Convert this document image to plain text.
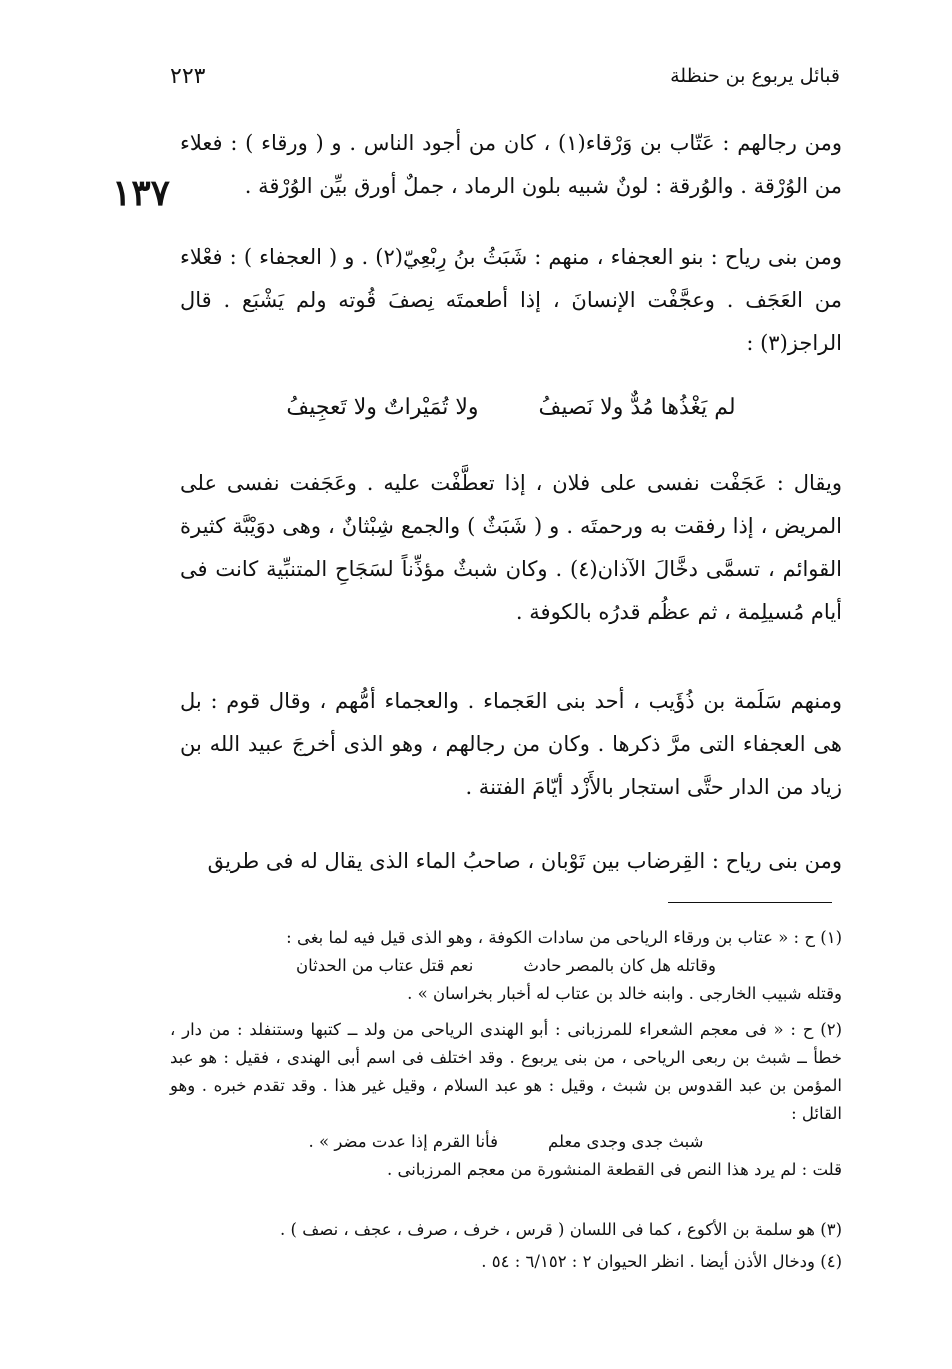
قبائل يربوع بن حنظلة
٢٢٣
١٣٧

ومن رجالهم : عَتّاب بن وَرْقاء(١) ، كان من أجود الناس . و ( ورقاء ) : فعلاء من الوُرْقة . والوُرقة : لونٌ شبيه بلون الرماد ، جملٌ أورق بيِّن الوُرْقة .

ومن بنى رياح : بنو العجفاء ، منهم : شَبَثُ بنُ رِبْعِيّ(٢) . و ( العجفاء ) : فعْلاء من العَجَف . وعجَّفْت الإنسانَ ، إذا أطعمتَه نِصفَ قُوته ولم يَشْبَع . قال الراجز(٣) :

لم يَغْذُها مُدٌّ ولا نَصيفُ
ولا تُمَيْراتٌ ولا تَعجِيفُ

ويقال : عَجَفْت نفسى على فلان ، إذا تعطَّفْت عليه . وعَجَفت نفسى على المريض ، إذا رفقت به ورحمتَه . و ( شَبَثٌ ) والجمع شِبْثانٌ ، وهى دوَيْبَّة كثيرة القوائم ، تسمَّى دخَّالَ الآذان(٤) . وكان شبثٌ مؤذِّناً لسَجَاحِ المتنبِّية كانت فى أيام مُسيلِمة ، ثم عظُم قدرُه بالكوفة .

ومنهم سَلَمة بن ذُؤَيب ، أحد بنى العَجماء . والعجماء أمُّهم ، وقال قوم : بل هى العجفاء التى مرَّ ذكرها . وكان من رجالهم ، وهو الذى أخرجَ عبيد الله بن زياد من الدار حتَّى استجار بالأَزْد أيّامَ الفتنة .

ومن بنى رياح : القِرضاب بين تَوْبان ، صاحبُ الماء الذى يقال له فى طريق

(١) ح : « عتاب بن ورقاء الرياحى من سادات الكوفة ، وهو الذى قيل فيه لما بغى :

وقاتله هل كان بالمصر حادث
نعم قتل عتاب من الحدثان

وقتله شبيب الخارجى . وابنه خالد بن عتاب له أخبار بخراسان » .

(٢) ح : « فى معجم الشعراء للمرزبانى : أبو الهندى الرياحى من ولد ــ كتبها وستنفلد : من دار ، خطأ ــ شبث بن ربعى الرياحى ، من بنى يربوع . وقد اختلف فى اسم أبى الهندى ، فقيل : هو عبد المؤمن بن عبد القدوس بن شبث ، وقيل : هو عبد السلام ، وقيل غير هذا . وقد تقدم خبره . وهو القائل :

شبث جدى وجدى معلم
فأنا القرم إذا عدت مضر » .

قلت : لم يرد هذا النص فى القطعة المنشورة من معجم المرزبانى .

(٣) هو سلمة بن الأكوع ، كما فى اللسان ( قرس ، خرف ، صرف ، عجف ، نصف ) .

(٤) ودخال الأذن أيضا . انظر الحيوان ٢ : ٦/١٥٢ : ٥٤ .
